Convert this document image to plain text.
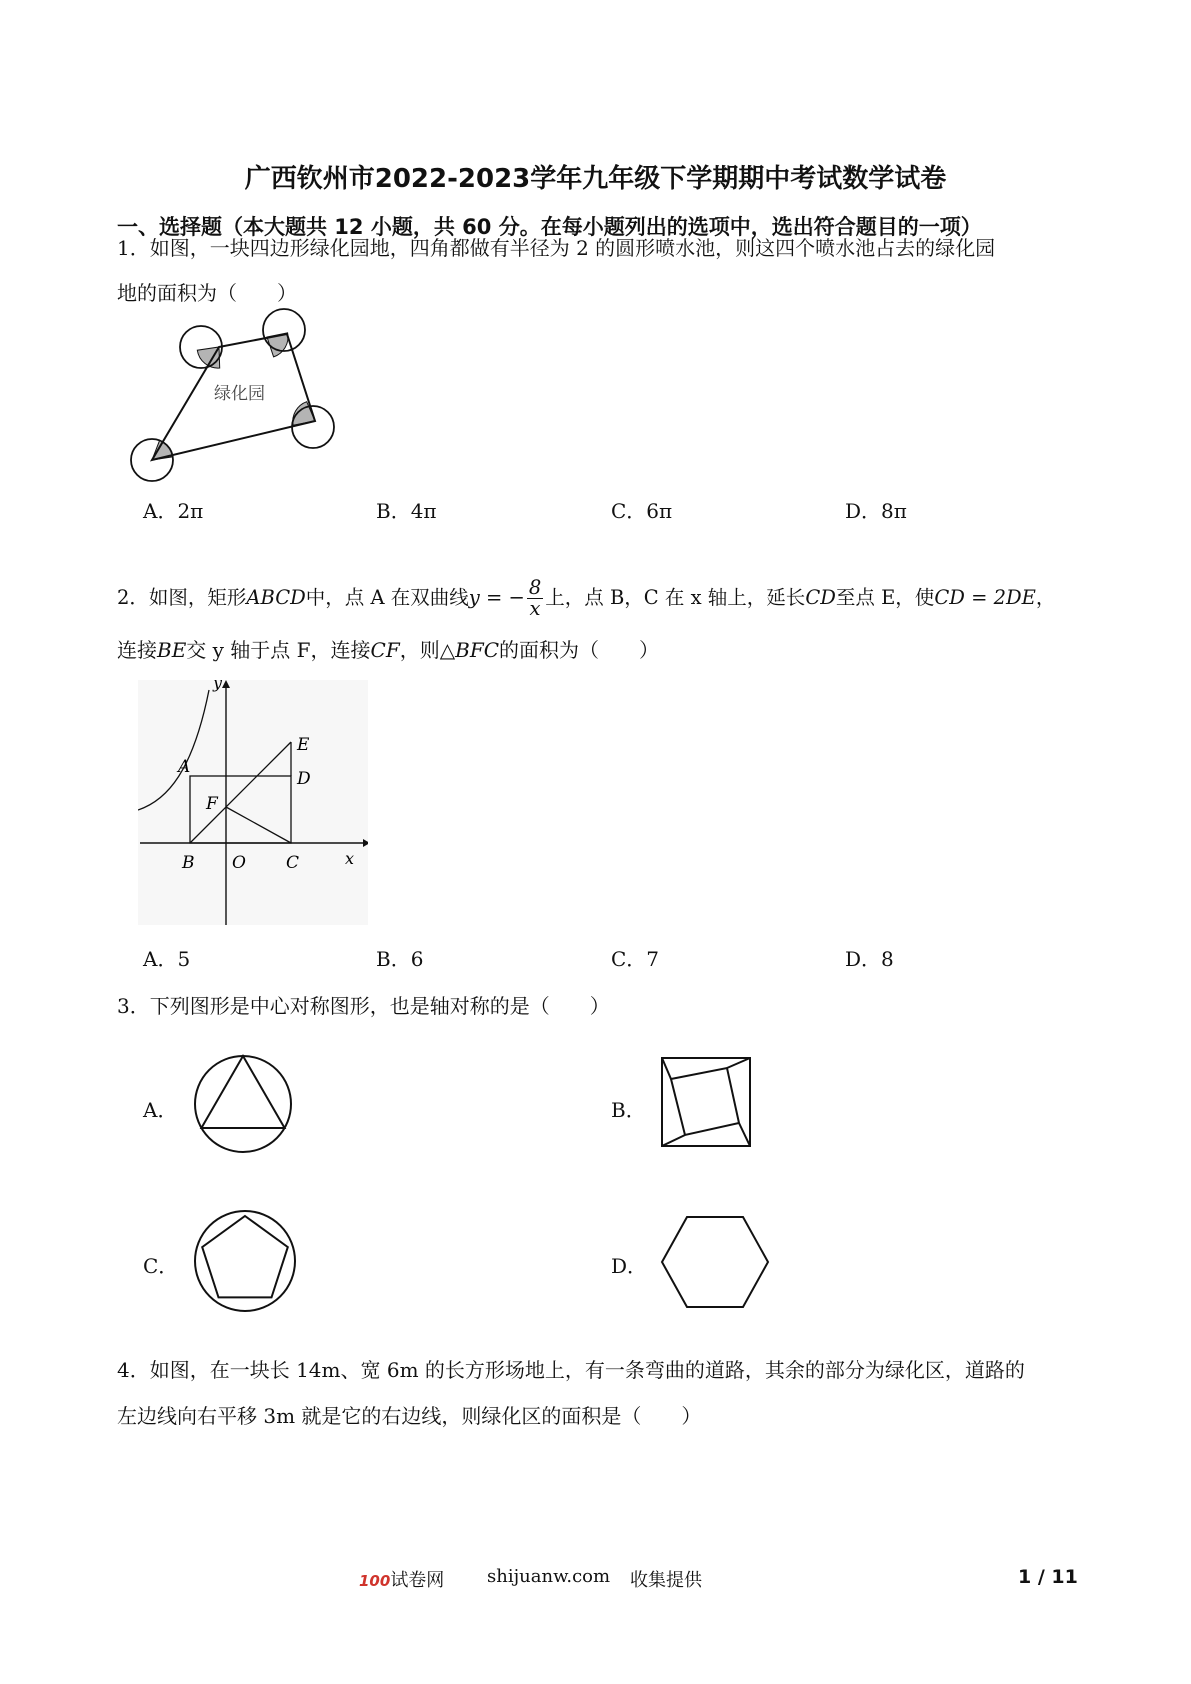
广西钦州市2022-2023学年九年级下学期期中考试数学试卷
一、选择题（本大题共 12 小题，共 60 分。在每小题列出的选项中，选出符合题目的一项）
1．如图，一块四边形绿化园地，四角都做有半径为 2 的圆形喷水池，则这四个喷水池占去的绿化园
地的面积为（　　）
绿化园
A．2π	B．4π	C．6π	D．8π
2．如图，矩形ABCD中，点 A 在双曲线y = − $\frac{8}{x}$ 上，点 B，C 在 x 轴上，延长CD至点 E，使CD = 2DE，
连接BE交 y 轴于点 F，连接CF，则△BFC的面积为（　　）
y
x
A
B	C
D
E
F
O
A．5	B．6	C．7	D．8
3．下列图形是中心对称图形，也是轴对称的是（　　）
A．	B．
C．	D．
4．如图，在一块长 14m、宽 6m 的长方形场地上，有一条弯曲的道路，其余的部分为绿化区，道路的
左边线向右平移 3m 就是它的右边线，则绿化区的面积是（　　）
100试卷网 shijuanw.com 收集提供	1 / 11
